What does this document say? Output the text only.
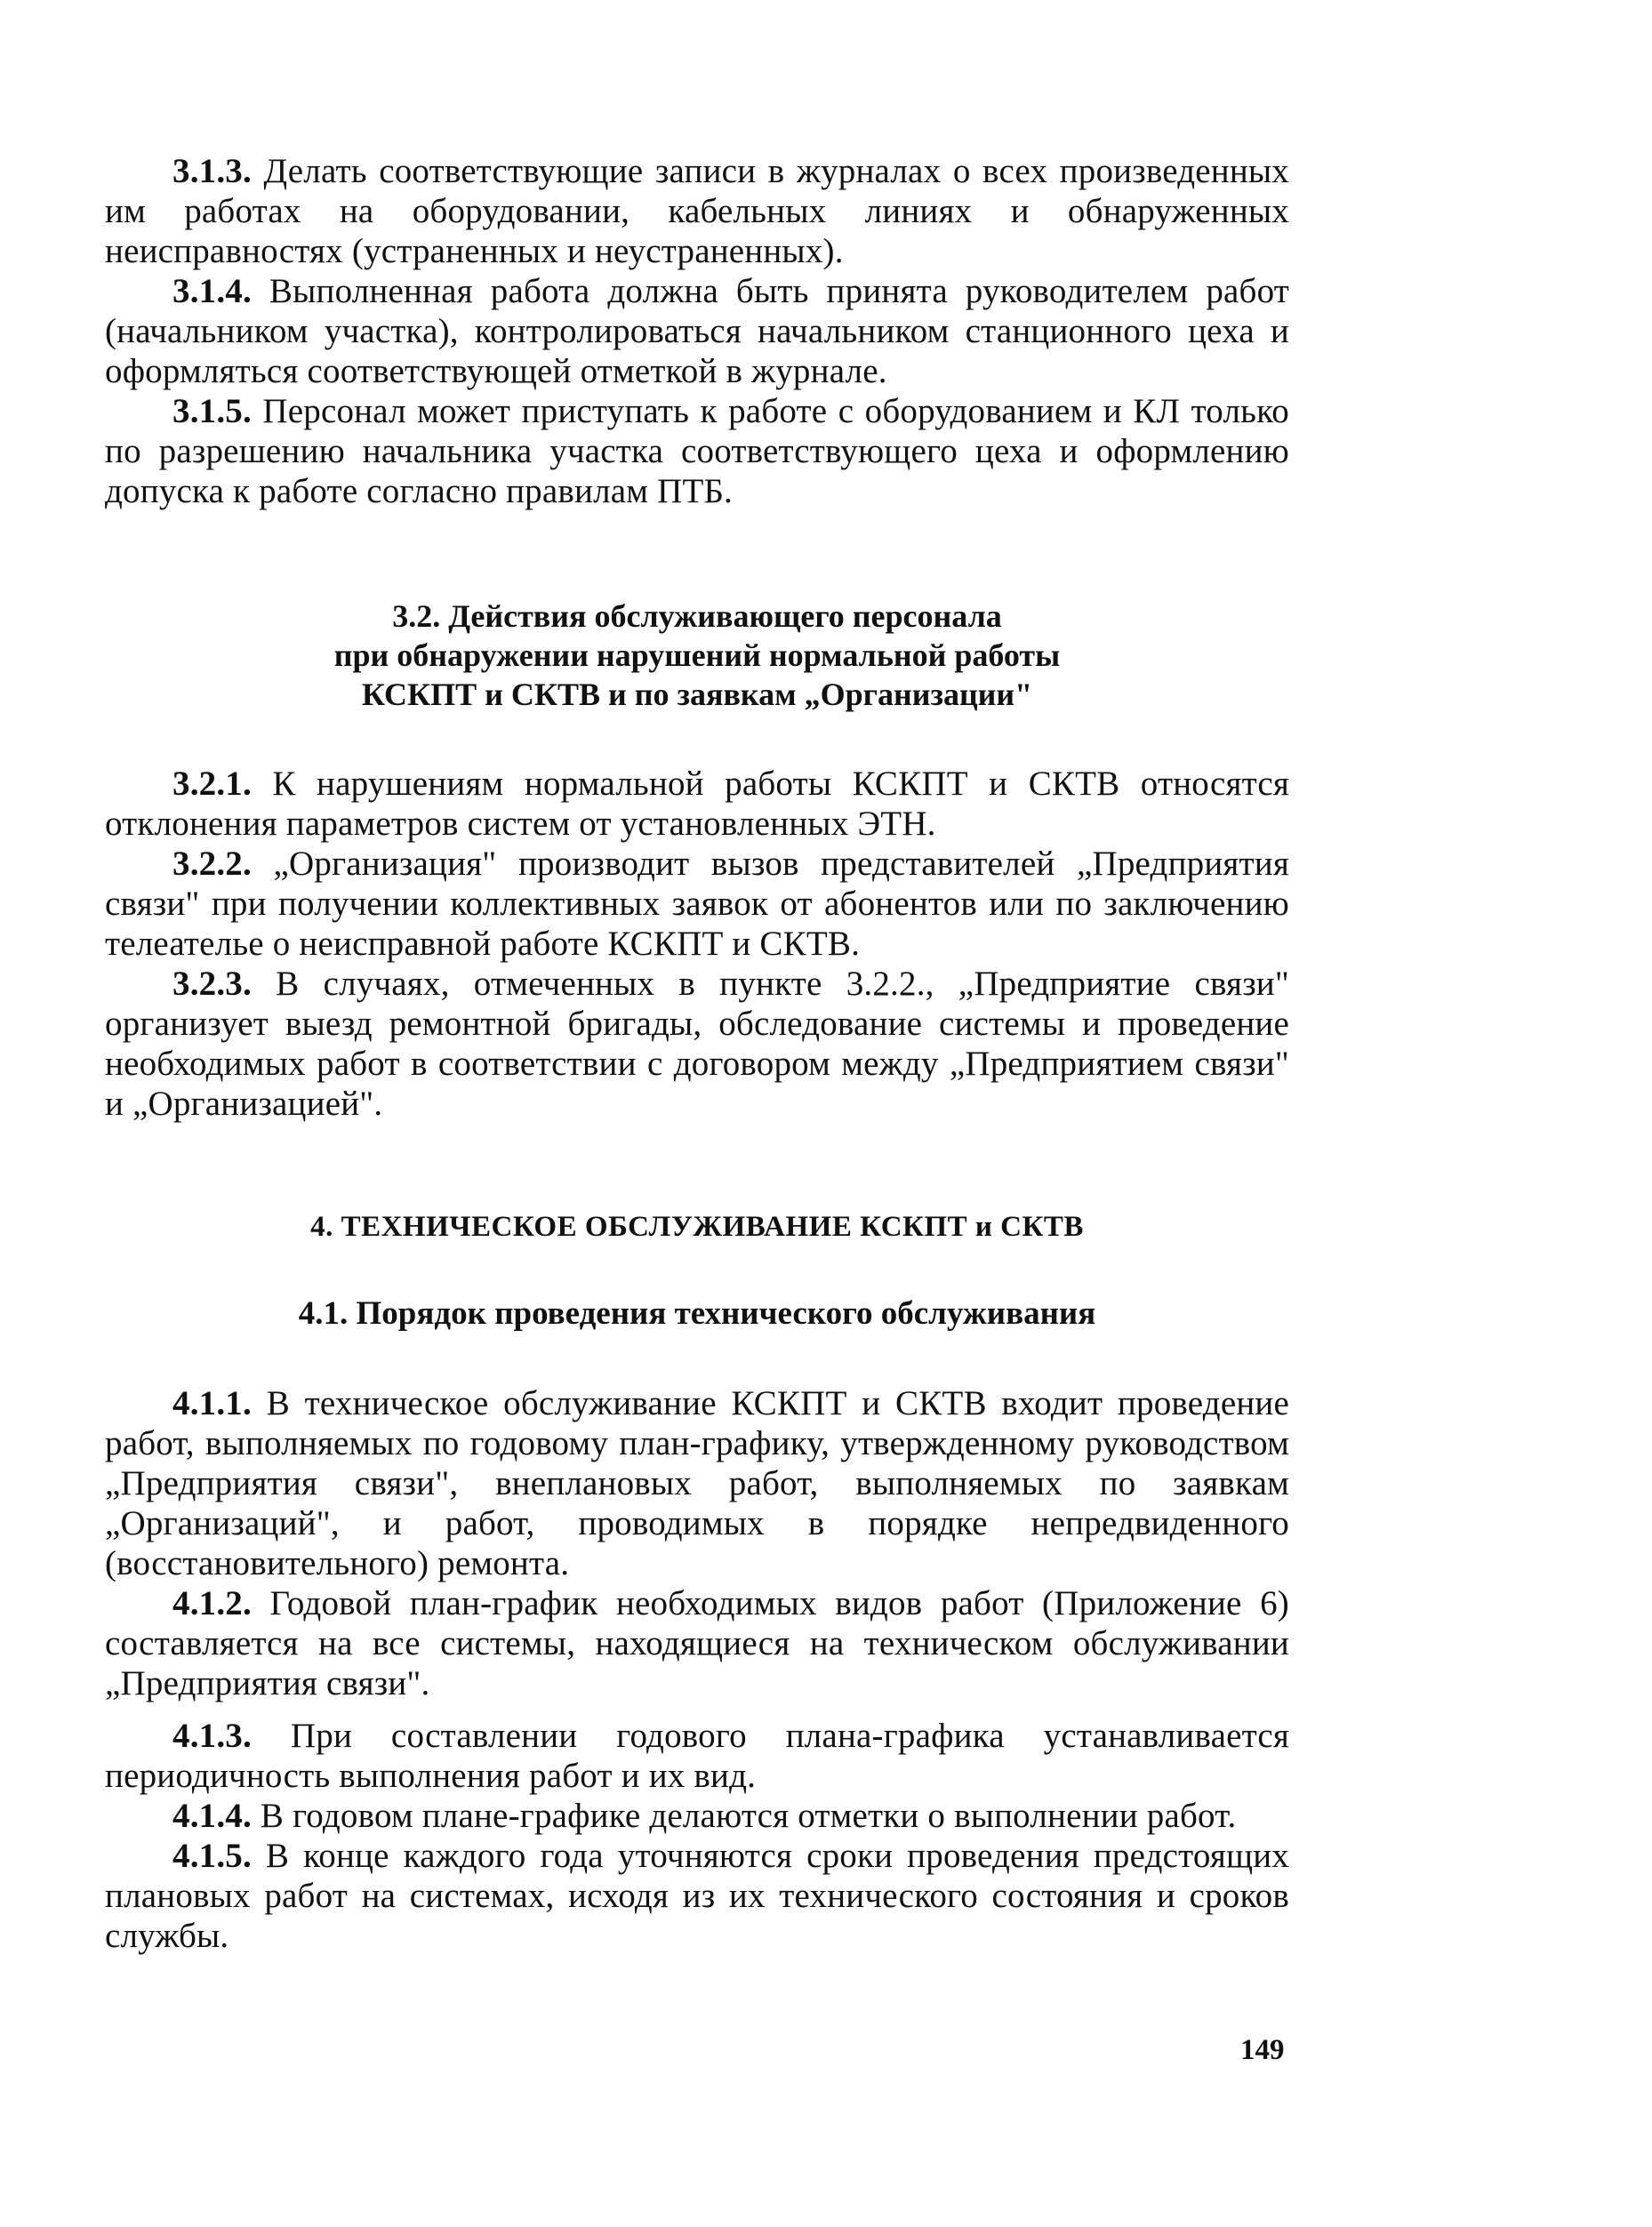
3.1.3. Делать соответствующие записи в журналах о всех произведенных им работах на оборудовании, кабельных линиях и обнаруженных неисправностях (устраненных и неустраненных).

3.1.4. Выполненная работа должна быть принята руководителем работ (начальником участка), контролироваться начальником станционного цеха и оформляться соответствующей отметкой в журнале.

3.1.5. Персонал может приступать к работе с оборудованием и КЛ только по разрешению начальника участка соответствующего цеха и оформлению допуска к работе согласно правилам ПТБ.

3.2. Действия обслуживающего персонала
при обнаружении нарушений нормальной работы
КСКПТ и СКТВ и по заявкам „Организации"

3.2.1. К нарушениям нормальной работы КСКПТ и СКТВ относятся отклонения параметров систем от установленных ЭТН.

3.2.2. „Организация" производит вызов представителей „Предприятия связи" при получении коллективных заявок от абонентов или по заключению телеателье о неисправной работе КСКПТ и СКТВ.

3.2.3. В случаях, отмеченных в пункте 3.2.2., „Предприятие связи" организует выезд ремонтной бригады, обследование системы и проведение необходимых работ в соответствии с договором между „Предприятием связи" и „Организацией".

4. ТЕХНИЧЕСКОЕ ОБСЛУЖИВАНИЕ КСКПТ и СКТВ
4.1. Порядок проведения технического обслуживания

4.1.1. В техническое обслуживание КСКПТ и СКТВ входит проведение работ, выполняемых по годовому план-графику, утвержденному руководством „Предприятия связи", внеплановых работ, выполняемых по заявкам „Организаций", и работ, проводимых в порядке непредвиденного (восстановительного) ремонта.

4.1.2. Годовой план-график необходимых видов работ (Приложение 6) составляется на все системы, находящиеся на техническом обслуживании „Предприятия связи".

4.1.3. При составлении годового плана-графика устанавливается периодичность выполнения работ и их вид.

4.1.4. В годовом плане-графике делаются отметки о выполнении работ.

4.1.5. В конце каждого года уточняются сроки проведения предстоящих плановых работ на системах, исходя из их технического состояния и сроков службы.

149
